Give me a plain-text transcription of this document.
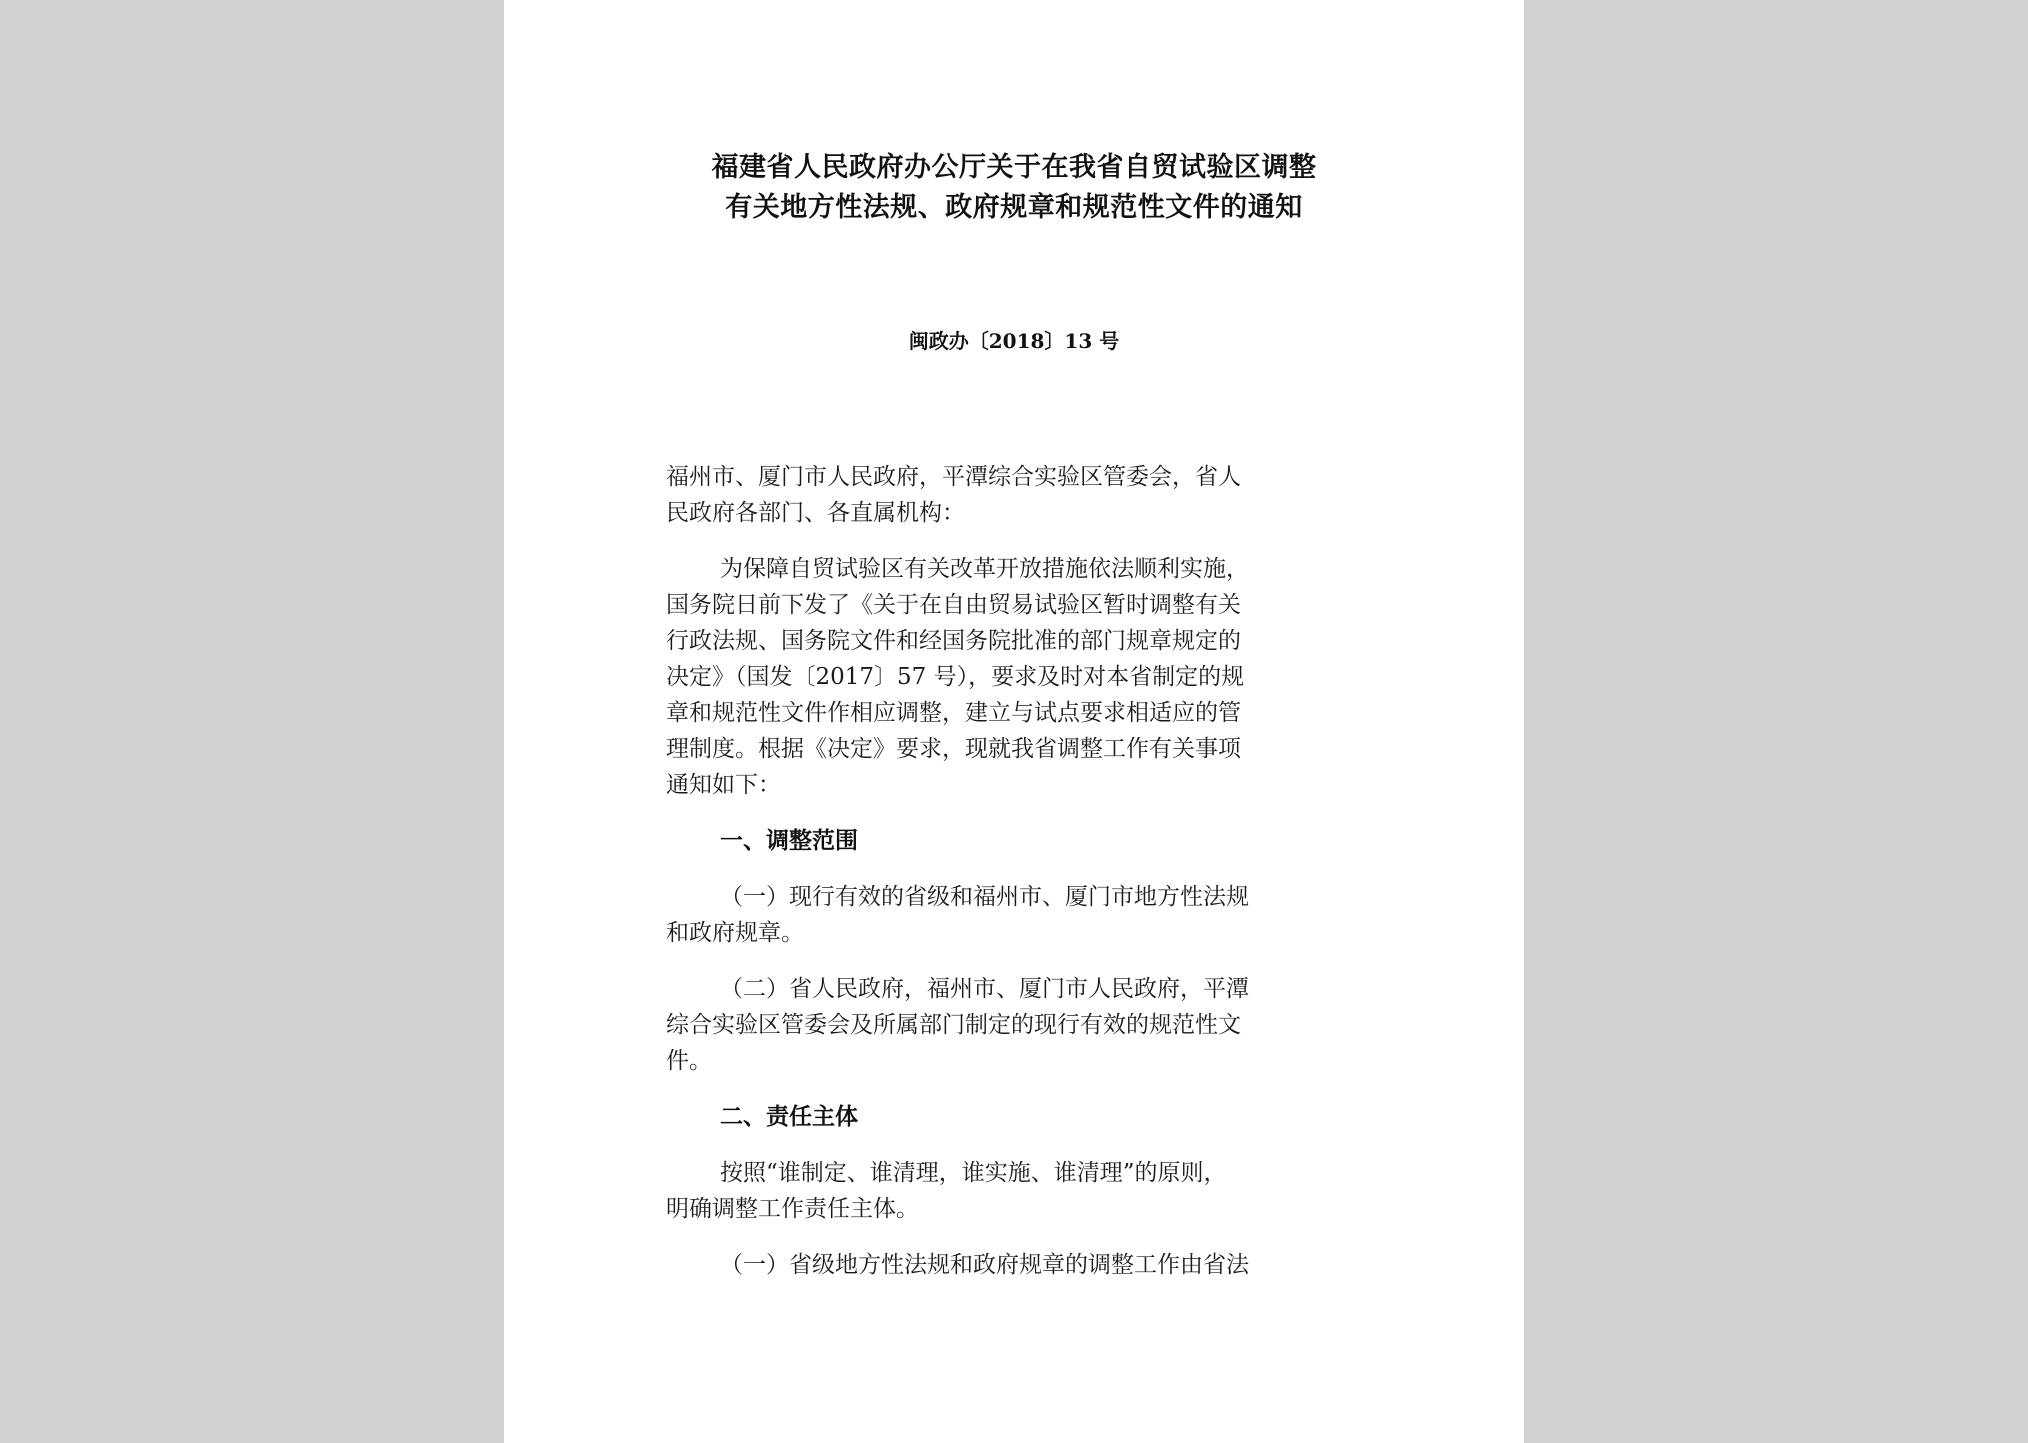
福建省人民政府办公厅关于在我省自贸试验区调整
有关地方性法规、政府规章和规范性文件的通知
闽政办〔2018〕13 号
福州市、厦门市人民政府，平潭综合实验区管委会，省人
民政府各部门、各直属机构：
为保障自贸试验区有关改革开放措施依法顺利实施，
国务院日前下发了《关于在自由贸易试验区暂时调整有关
行政法规、国务院文件和经国务院批准的部门规章规定的
决定》（国发〔2017〕57 号），要求及时对本省制定的规
章和规范性文件作相应调整，建立与试点要求相适应的管
理制度。根据《决定》要求，现就我省调整工作有关事项
通知如下：
一、调整范围
（一）现行有效的省级和福州市、厦门市地方性法规
和政府规章。
（二）省人民政府，福州市、厦门市人民政府，平潭
综合实验区管委会及所属部门制定的现行有效的规范性文
件。
二、责任主体
按照“谁制定、谁清理，谁实施、谁清理”的原则，
明确调整工作责任主体。
（一）省级地方性法规和政府规章的调整工作由省法
